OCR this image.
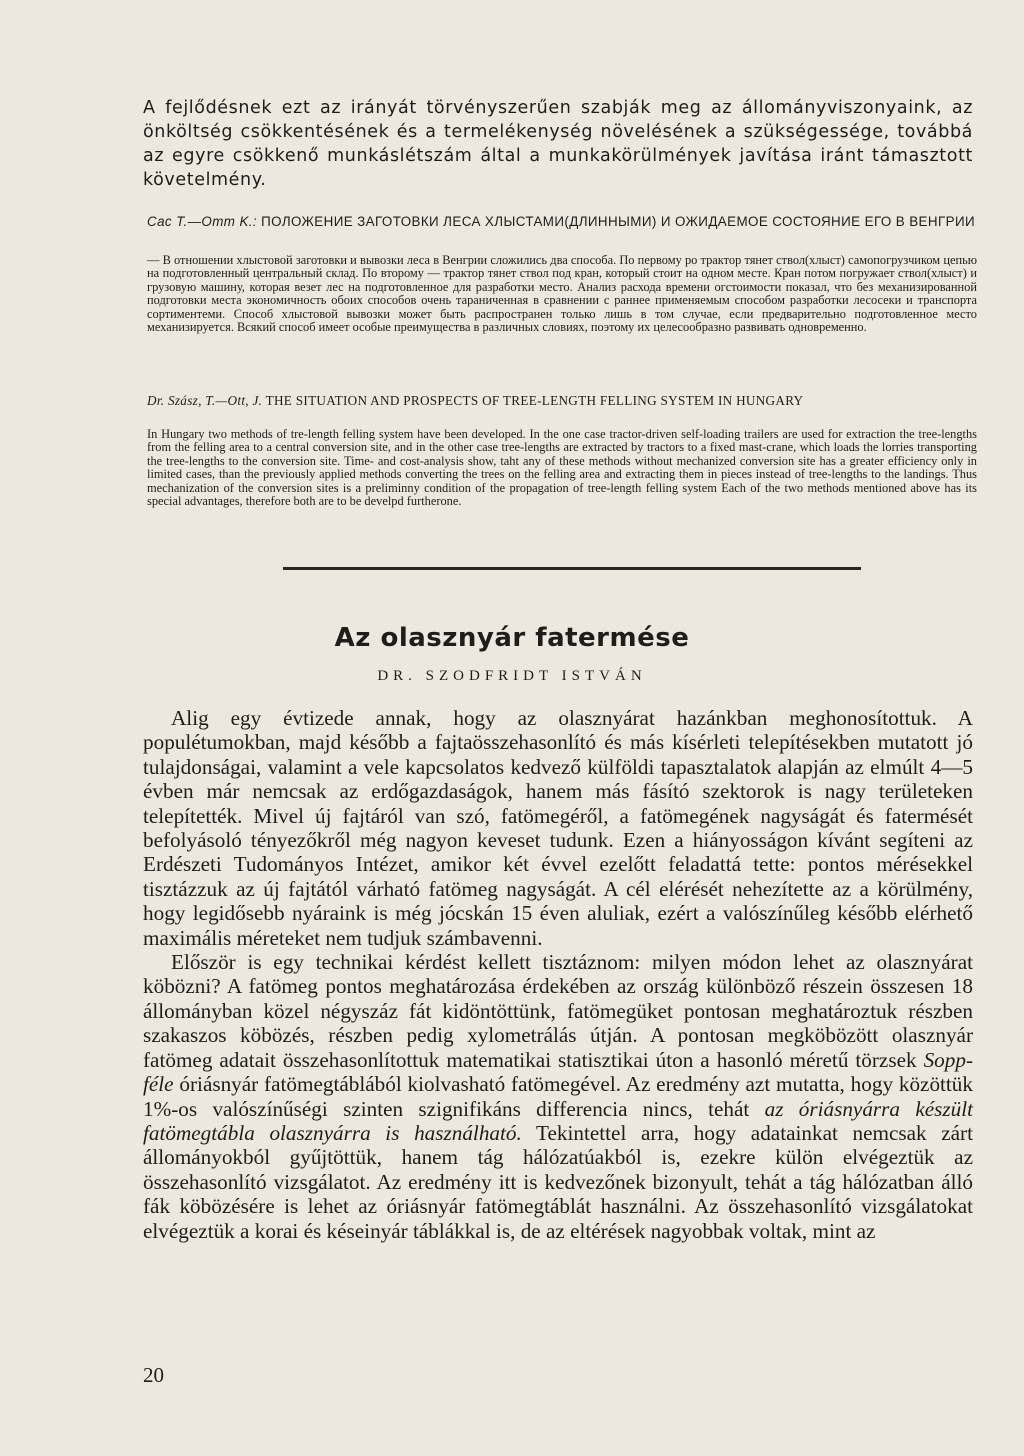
A fejlődésnek ezt az irányát törvényszerűen szabják meg az állományviszonyaink, az önköltség csökkentésének és a termelékenység növelésének a szükségessége, továbbá az egyre csökkenő munkáslétszám által a munkakörülmények javítása iránt támasztott követelmény.

Cac T.—Omm K.: ПОЛОЖЕНИЕ ЗАГОТОВКИ ЛЕСА ХЛЫСТАМИ(ДЛИННЫМИ) И ОЖИДАЕМОЕ СОСТОЯНИЕ ЕГО В ВЕНГРИИ

— В отношении хлыстовой заготовки и вывозки леса в Венгрии сложились два способа. По первому ро трактор тянет ствол(хлыст) самопогрузчиком цепью на подготовленный центральный склад. По второму — трактор тянет ствол под кран, который стоит на одном месте. Кран потом погружает ствол(хлыст) и грузовую машину, которая везет лес на подготовленное для разработки место. Анализ расхода времени огстоимости показал, что без механизированной подготовки места экономичность обоих способов очень тараниченная в сравнении с раннее применяемым способом разработки лесосеки и транспорта сортиментеми. Способ хлыстовой вывозки может быть распространен только лишь в том случае, если предварительно подготовленное место механизируется. Всякий способ имеет особые преимущества в различных словиях, поэтому их целесообразно развивать одновременно.

Dr. Szász, T.—Ott, J. THE SITUATION AND PROSPECTS OF TREE-LENGTH FELLING SYSTEM IN HUNGARY

In Hungary two methods of tre-length felling system have been developed. In the one case tractor-driven self-loading trailers are used for extraction the tree-lengths from the felling area to a central conversion site, and in the other case tree-lengths are extracted by tractors to a fixed mast-crane, which loads the lorries transporting the tree-lengths to the conversion site. Time- and cost-analysis show, taht any of these methods without mechanized conversion site has a greater efficiency only in limited cases, than the previously applied methods converting the trees on the felling area and extracting them in pieces instead of tree-lengths to the landings. Thus mechanization of the conversion sites is a preliminny condition of the propagation of tree-length felling system Each of the two methods mentioned above has its special advantages, therefore both are to be develpd furtherone.

Az olasznyár fatermése

DR. SZODFRIDT ISTVÁN

Alig egy évtizede annak, hogy az olasznyárat hazánkban meghonosítottuk. A populétumokban, majd később a fajtaösszehasonlító és más kísérleti telepítésekben mutatott jó tulajdonságai, valamint a vele kapcsolatos kedvező külföldi tapasztalatok alapján az elmúlt 4—5 évben már nemcsak az erdőgazdaságok, hanem más fásító szektorok is nagy területeken telepítették. Mivel új fajtáról van szó, fatömegéről, a fatömegének nagyságát és fatermését befolyásoló tényezőkről még nagyon keveset tudunk. Ezen a hiányosságon kívánt segíteni az Erdészeti Tudományos Intézet, amikor két évvel ezelőtt feladattá tette: pontos mérésekkel tisztázzuk az új fajtától várható fatömeg nagyságát. A cél elérését nehezítette az a körülmény, hogy legidősebb nyáraink is még jócskán 15 éven aluliak, ezért a valószínűleg később elérhető maximális méreteket nem tudjuk számbavenni.

Először is egy technikai kérdést kellett tisztáznom: milyen módon lehet az olasznyárat köbözni? A fatömeg pontos meghatározása érdekében az ország különböző részein összesen 18 állományban közel négyszáz fát kidöntöttünk, fatömegüket pontosan meghatároztuk részben szakaszos köbözés, részben pedig xylometrálás útján. A pontosan megköbözött olasznyár fatömeg adatait összehasonlítottuk matematikai statisztikai úton a hasonló méretű törzsek Sopp-féle óriásnyár fatömegtáblából kiolvasható fatömegével. Az eredmény azt mutatta, hogy közöttük 1%-os valószínűségi szinten szignifikáns differencia nincs, tehát az óriásnyárra készült fatömegtábla olasznyárra is használható. Tekintettel arra, hogy adatainkat nemcsak zárt állományokból gyűjtöttük, hanem tág hálózatúakból is, ezekre külön elvégeztük az összehasonlító vizsgálatot. Az eredmény itt is kedvezőnek bizonyult, tehát a tág hálózatban álló fák köbözésére is lehet az óriásnyár fatömegtáblát használni. Az összehasonlító vizsgálatokat elvégeztük a korai és késeinyár táblákkal is, de az eltérések nagyobbak voltak, mint az

20
